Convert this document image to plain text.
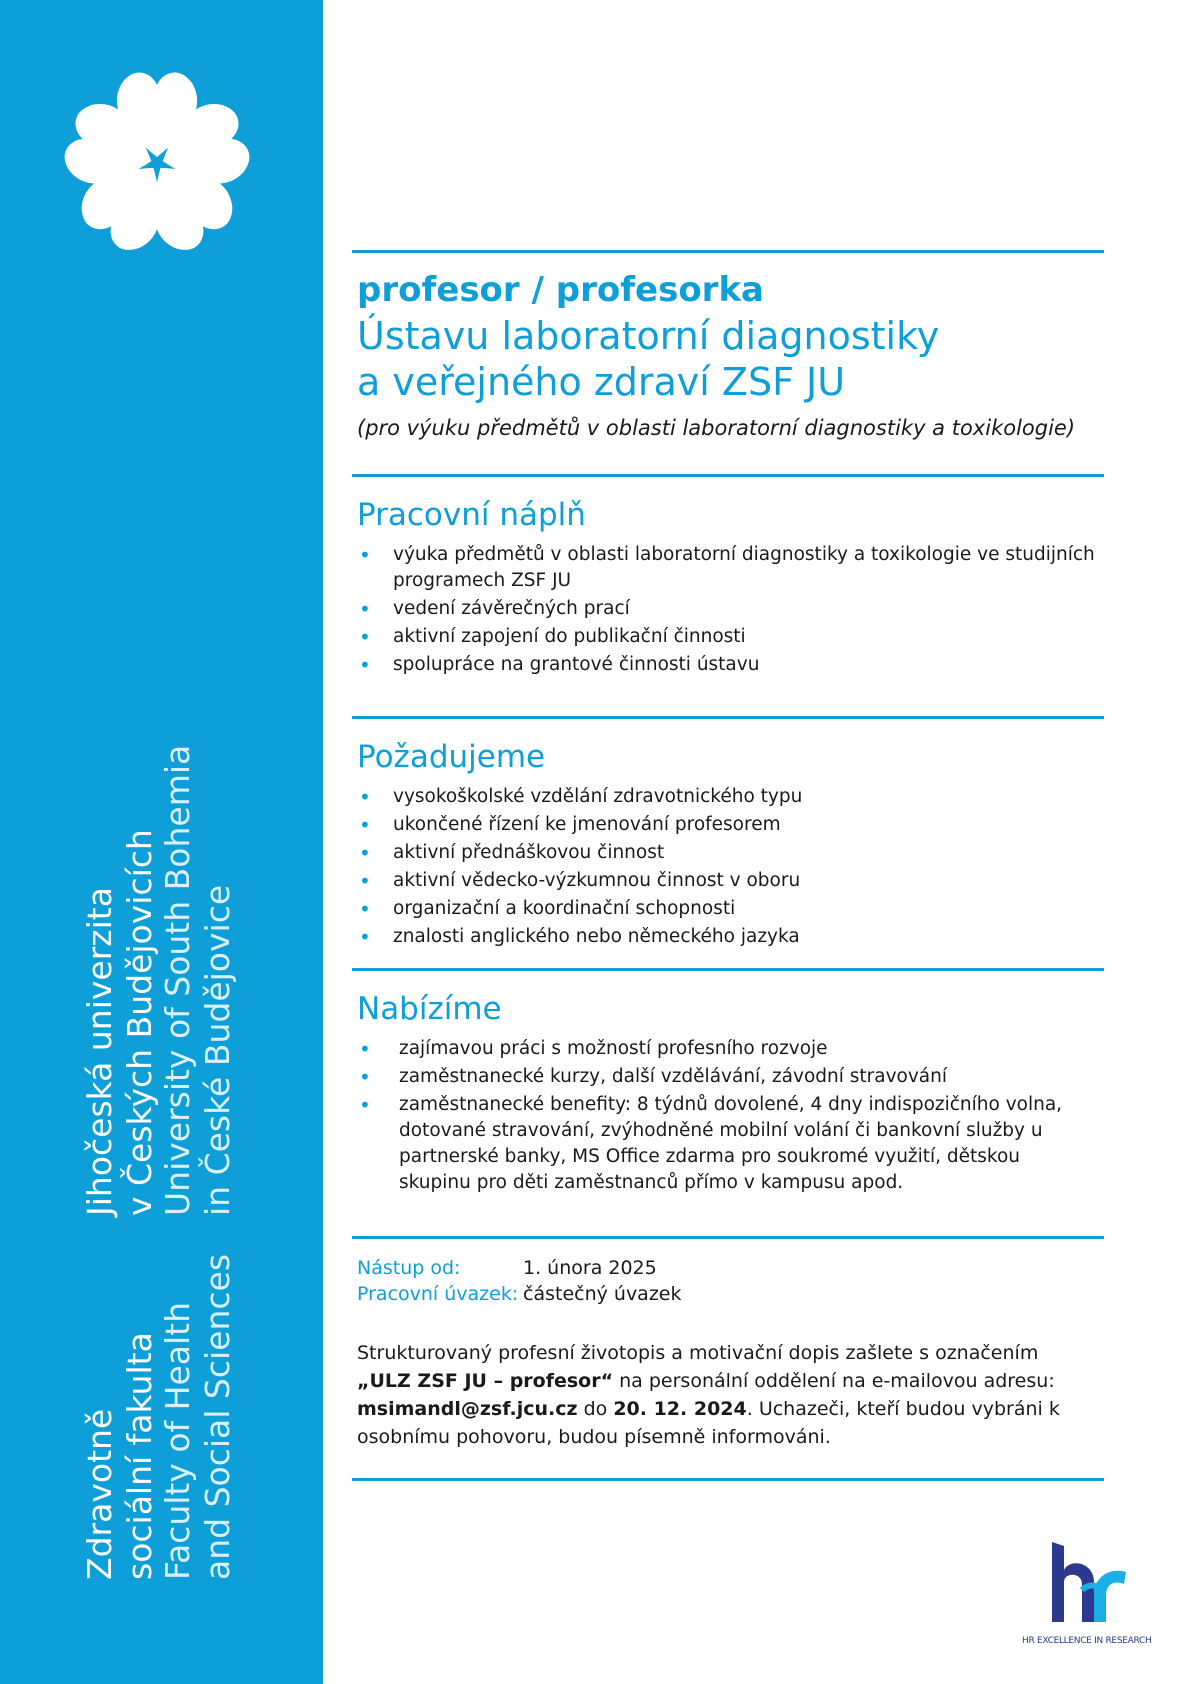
Zdravotně sociální fakulta Faculty of Health and Social Sciences
Jihočeská univerzita v Českých Budějovicích University of South Bohemia in České Budějovice
profesor / profesorka
Ústavu laboratorní diagnostiky
a veřejného zdraví ZSF JU
(pro výuku předmětů v oblasti laboratorní diagnostiky a toxikologie)
Pracovní náplň
• výuka předmětů v oblasti laboratorní diagnostiky a toxikologie ve studijních programech ZSF JU
• vedení závěrečných prací
• aktivní zapojení do publikační činnosti
• spolupráce na grantové činnosti ústavu
Požadujeme
• vysokoškolské vzdělání zdravotnického typu
• ukončené řízení ke jmenování profesorem
• aktivní přednáškovou činnost
• aktivní vědecko-výzkumnou činnost v oboru
• organizační a koordinační schopnosti
• znalosti anglického nebo německého jazyka
Nabízíme
• zajímavou práci s možností profesního rozvoje
• zaměstnanecké kurzy, další vzdělávání, závodní stravování
• zaměstnanecké benefity: 8 týdnů dovolené, 4 dny indispozičního volna, dotované stravování, zvýhodněné mobilní volání či bankovní služby u partnerské banky, MS Office zdarma pro soukromé využití, dětskou skupinu pro děti zaměstnanců přímo v kampusu apod.
Nástup od:	1. února 2025
Pracovní úvazek: částečný úvazek
Strukturovaný profesní životopis a motivační dopis zašlete s označením
„ULZ ZSF JU – profesor“ na personální oddělení na e-mailovou adresu:
msimandl@zsf.jcu.cz do 20. 12. 2024. Uchazeči, kteří budou vybráni k osobnímu pohovoru, budou písemně informováni.
HR EXCELLENCE IN RESEARCH
